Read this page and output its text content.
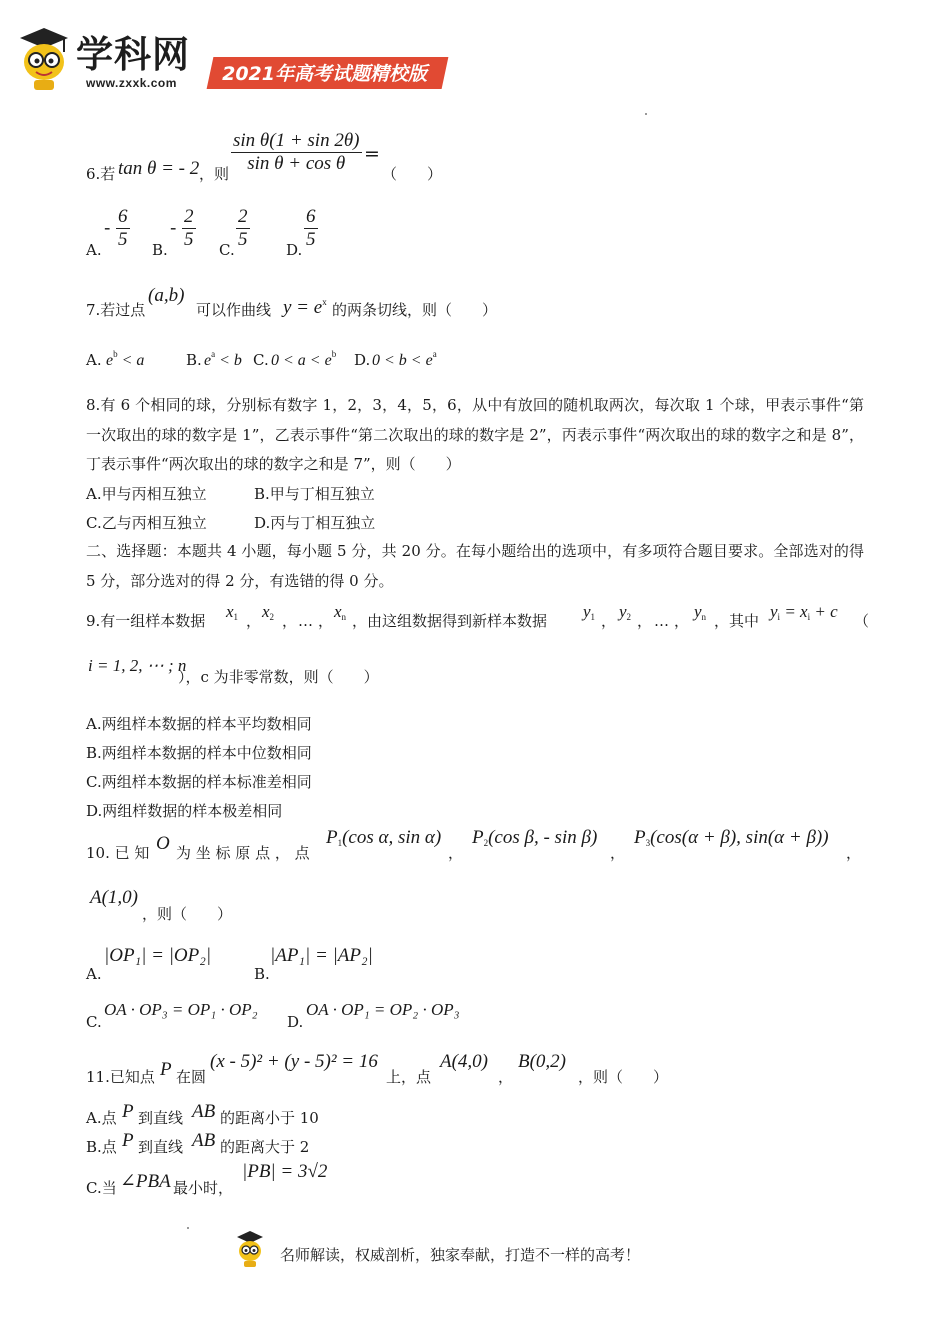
学科网
www.zxxk.com	2021年高考试题精校版
6.若 tan θ = - 2 ，则 $\frac{\text{sin θ(1 + sin 2θ)}}{\text{sin θ + cos θ}}$ =
（　　）
A.
- $\frac{6}{5} B$.
- $\frac{2}{5} C$. $\frac{2}{5} D$. $\frac{6}{5}$
7.若过点
(a,b)
可以作曲线 $y = e^x$ 的两条切线，则（　　）
A. $e^b < a$	B. $e^a < b$ C. $0 < a < e^b$ D. $0 < b < e^a$
8.有 6 个相同的球，分别标有数字 1，2，3，4，5，6，从中有放回的随机取两次，每次取 1 个球，甲表示事件“第一次取出的球的数字是 1”，乙表示事件“第二次取出的球的数字是 2”，丙表示事件“两次取出的球的数字之和是 8”，丁表示事件“两次取出的球的数字之和是 7”，则（　　）
A.甲与丙相互独立	B.甲与丁相互独立
C.乙与丙相互独立	D.丙与丁相互独立
二、选择题：本题共 4 小题，每小题 5 分，共 20 分。在每小题给出的选项中，有多项符合题目要求。全部选对的得 5 分，部分选对的得 2 分，有选错的得 0 分。
9.有一组样本数据 $x_1$ ， $x_2$ ， … ， $x_n$ ，由这组数据得到新样本数据 $y_1$ ， $y_2$ ， … ， $y_n$ ，其中 $y_i = x_i + c$ （
i = 1, 2, ⋯ ; n
），c 为非零常数，则（　　）
A.两组样本数据的样本平均数相同
B.两组样本数据的样本中位数相同
C.两组样本数据的样本标准差相同
D.两组样数据的样本极差相同
10. 已 知 O 为 坐 标 原 点 ， 点
$P_1(\cos$ α, sin α)
，
$P_2(\cos$ β, - sin β)
，
$P_3(\cos(\alpha + \beta)$, sin(α + β))
，
A(1,0)
，则（　　）
A.
|OP₁| = |OP₂|
B.
|AP₁| = |AP₂|
C.
OA · OP₃ = OP₁ · OP₂
D.
OA · OP₁ = OP₂ · OP₃
11.已知点 P 在圆
(x - 5)² + (y - 5)² = 16
上，点
A(4,0)
，
B(0,2)
，则（　　）
A.点 P 到直线 AB 的距离小于 10
B.点 P 到直线 AB 的距离大于 2
C.当 ∠PBA 最小时，
|PB| = 3√2
名师解读，权威剖析，独家奉献，打造不一样的高考！
